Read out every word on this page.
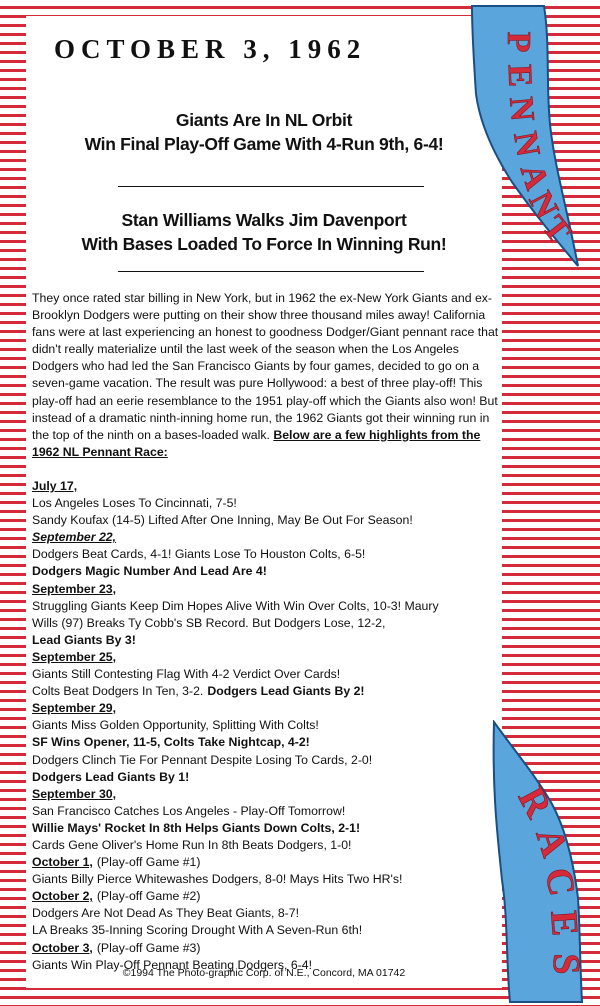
OCTOBER 3, 1962
Giants Are In NL Orbit
Win Final Play-Off Game With 4-Run 9th, 6-4!
Stan Williams Walks Jim Davenport
With Bases Loaded To Force In Winning Run!

They once rated star billing in New York, but in 1962 the ex-New York Giants and ex-Brooklyn Dodgers were putting on their show three thousand miles away! California fans were at last experiencing an honest to goodness Dodger/Giant pennant race that didn't really materialize until the last week of the season when the Los Angeles Dodgers who had led the San Francisco Giants by four games, decided to go on a seven-game vacation. The result was pure Hollywood: a best of three play-off! This play-off had an eerie resemblance to the 1951 play-off which the Giants also won! But instead of a dramatic ninth-inning home run, the 1962 Giants got their winning run in the top of the ninth on a bases-loaded walk. Below are a few highlights from the 1962 NL Pennant Race:

July 17,
Los Angeles Loses To Cincinnati, 7-5!
Sandy Koufax (14-5) Lifted After One Inning, May Be Out For Season!
September 22,
Dodgers Beat Cards, 4-1! Giants Lose To Houston Colts, 6-5!
Dodgers Magic Number And Lead Are 4!
September 23,
Struggling Giants Keep Dim Hopes Alive With Win Over Colts, 10-3! Maury
Wills (97) Breaks Ty Cobb's SB Record. But Dodgers Lose, 12-2,
Lead Giants By 3!
September 25,
Giants Still Contesting Flag With 4-2 Verdict Over Cards!
Colts Beat Dodgers In Ten, 3-2. Dodgers Lead Giants By 2!
September 29,
Giants Miss Golden Opportunity, Splitting With Colts!
SF Wins Opener, 11-5, Colts Take Nightcap, 4-2!
Dodgers Clinch Tie For Pennant Despite Losing To Cards, 2-0!
Dodgers Lead Giants By 1!
September 30,
San Francisco Catches Los Angeles - Play-Off Tomorrow!
Willie Mays' Rocket In 8th Helps Giants Down Colts, 2-1!
Cards Gene Oliver's Home Run In 8th Beats Dodgers, 1-0!
October 1, (Play-off Game #1)
Giants Billy Pierce Whitewashes Dodgers, 8-0! Mays Hits Two HR's!
October 2, (Play-off Game #2)
Dodgers Are Not Dead As They Beat Giants, 8-7!
LA Breaks 35-Inning Scoring Drought With A Seven-Run 6th!
October 3, (Play-off Game #3)
Giants Win Play-Off Pennant Beating Dodgers, 6-4!
©1994 The Photo-graphic Corp. of N.E., Concord, MA 01742
P
E
N
N
A
N
T
R
A
C
E
S
